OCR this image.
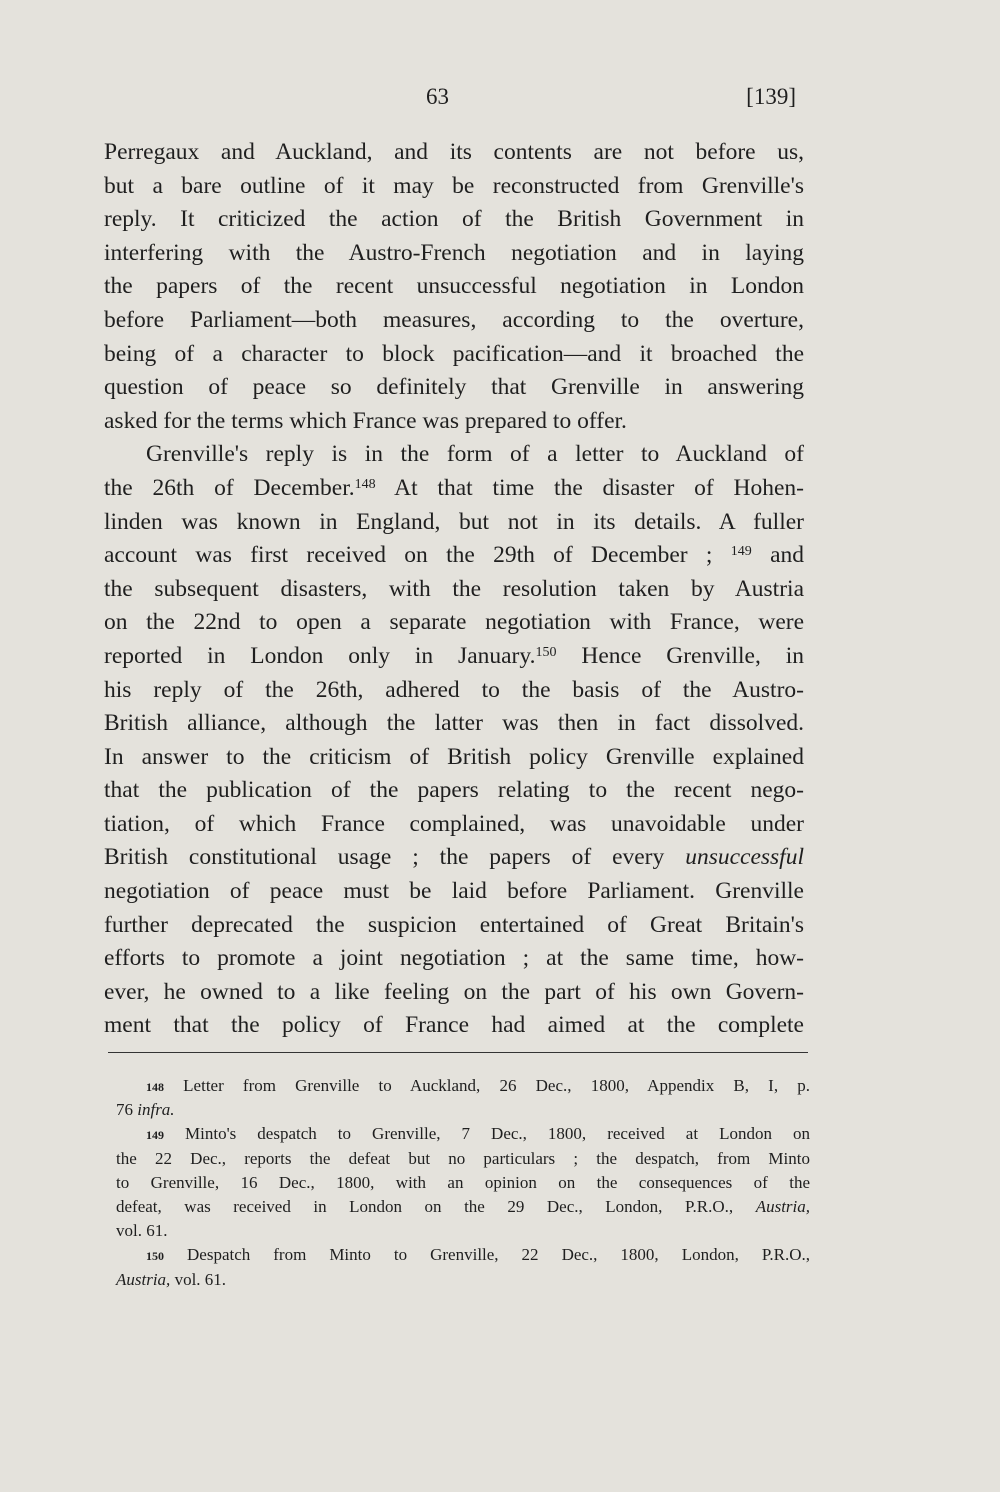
63	[139]
Perregaux and Auckland, and its contents are not before us,
but a bare outline of it may be reconstructed from Grenville's
reply. It criticized the action of the British Government in
interfering with the Austro-French negotiation and in laying
the papers of the recent unsuccessful negotiation in London
before Parliament—both measures, according to the overture,
being of a character to block pacification—and it broached the
question of peace so definitely that Grenville in answering
asked for the terms which France was prepared to offer.
Grenville's reply is in the form of a letter to Auckland of
the 26th of December.$^{148}$ At that time the disaster of Hohen-
linden was known in England, but not in its details. A fuller
account was first received on the 29th of December ; $^{149}$ and
the subsequent disasters, with the resolution taken by Austria
on the 22nd to open a separate negotiation with France, were
reported in London only in January.$^{150}$ Hence Grenville, in
his reply of the 26th, adhered to the basis of the Austro-
British alliance, although the latter was then in fact dissolved.
In answer to the criticism of British policy Grenville explained
that the publication of the papers relating to the recent nego-
tiation, of which France complained, was unavoidable under
British constitutional usage ; the papers of every unsuccessful
negotiation of peace must be laid before Parliament. Grenville
further deprecated the suspicion entertained of Great Britain's
efforts to promote a joint negotiation ; at the same time, how-
ever, he owned to a like feeling on the part of his own Govern-
ment that the policy of France had aimed at the complete
148 Letter from Grenville to Auckland, 26 Dec., 1800, Appendix B, I, p.
76 infra.
149 Minto's despatch to Grenville, 7 Dec., 1800, received at London on
the 22 Dec., reports the defeat but no particulars ; the despatch, from Minto
to Grenville, 16 Dec., 1800, with an opinion on the consequences of the
defeat, was received in London on the 29 Dec., London, P.R.O., Austria,
vol. 61.
150 Despatch from Minto to Grenville, 22 Dec., 1800, London, P.R.O.,
Austria, vol. 61.
